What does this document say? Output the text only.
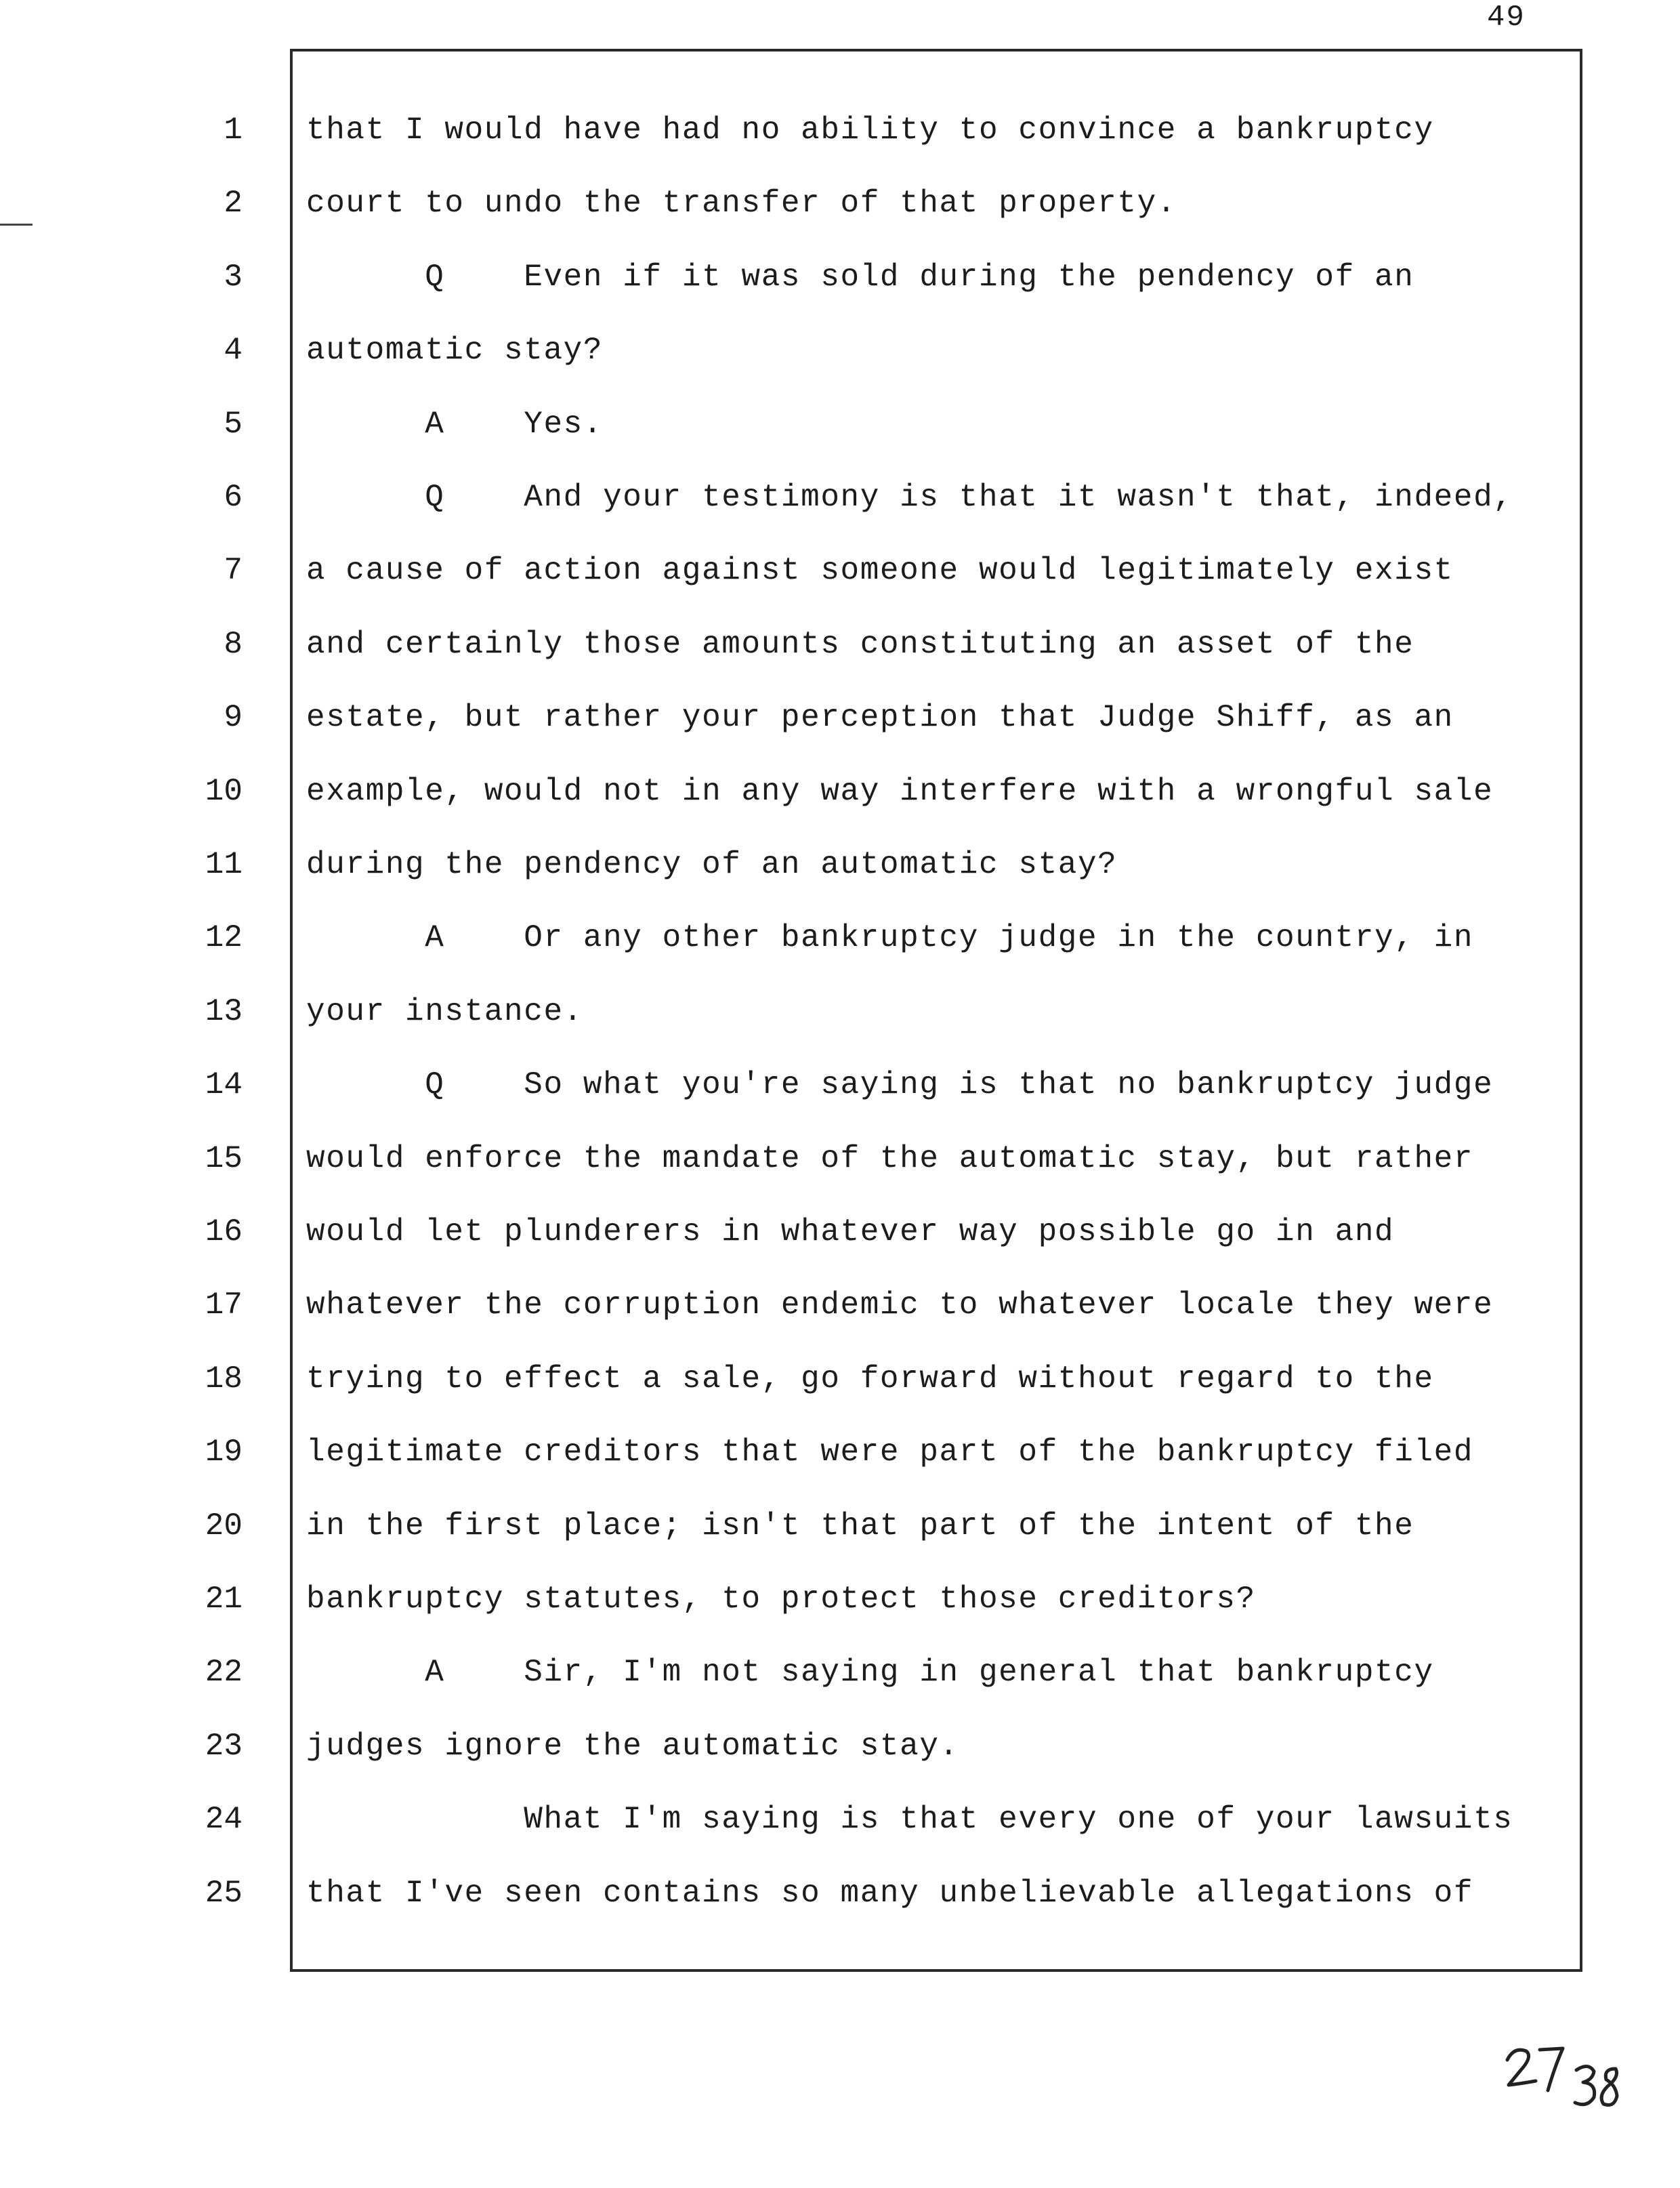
49
1 that I would have had no ability to convince a bankruptcy
2 court to undo the transfer of that property.
3 Q    Even if it was sold during the pendency of an
4 automatic stay?
5 A    Yes.
6 Q    And your testimony is that it wasn't that, indeed,
7 a cause of action against someone would legitimately exist
8 and certainly those amounts constituting an asset of the
9 estate, but rather your perception that Judge Shiff, as an
10 example, would not in any way interfere with a wrongful sale
11 during the pendency of an automatic stay?
12 A    Or any other bankruptcy judge in the country, in
13 your instance.
14 Q    So what you're saying is that no bankruptcy judge
15 would enforce the mandate of the automatic stay, but rather
16 would let plunderers in whatever way possible go in and
17 whatever the corruption endemic to whatever locale they were
18 trying to effect a sale, go forward without regard to the
19 legitimate creditors that were part of the bankruptcy filed
20 in the first place; isn't that part of the intent of the
21 bankruptcy statutes, to protect those creditors?
22 A    Sir, I'm not saying in general that bankruptcy
23 judges ignore the automatic stay.
24 What I'm saying is that every one of your lawsuits
25 that I've seen contains so many unbelievable allegations of
